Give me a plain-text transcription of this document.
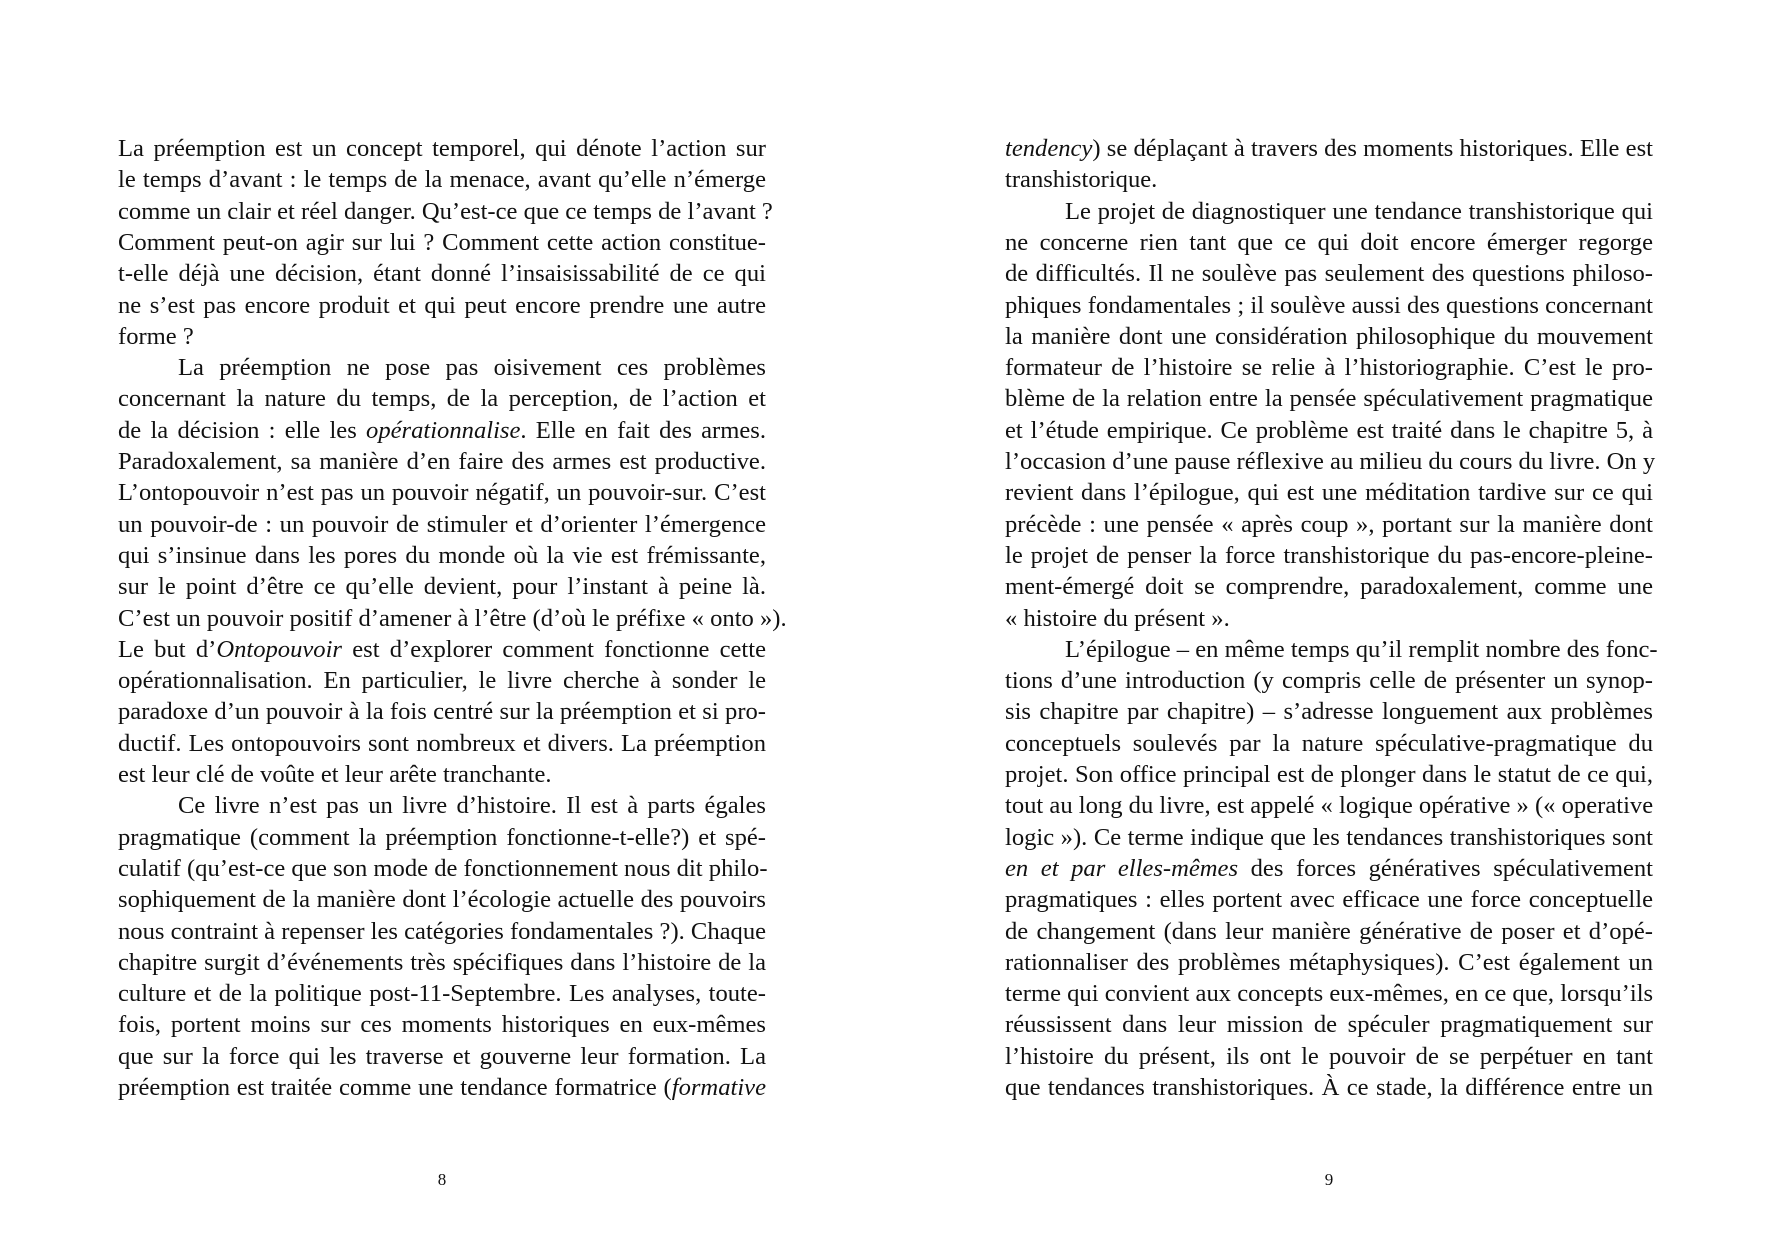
La préemption est un concept temporel, qui dénote l’action sur
le temps d’avant : le temps de la menace, avant qu’elle n’émerge
comme un clair et réel danger. Qu’est-ce que ce temps de l’avant ?
Comment peut-on agir sur lui ? Comment cette action constitue-
t-elle déjà une décision, étant donné l’insaisissabilité de ce qui
ne s’est pas encore produit et qui peut encore prendre une autre
forme ?
La préemption ne pose pas oisivement ces problèmes
concernant la nature du temps, de la perception, de l’action et
de la décision : elle les opérationnalise. Elle en fait des armes.
Paradoxalement, sa manière d’en faire des armes est productive.
L’ontopouvoir n’est pas un pouvoir négatif, un pouvoir-sur. C’est
un pouvoir-de : un pouvoir de stimuler et d’orienter l’émergence
qui s’insinue dans les pores du monde où la vie est frémissante,
sur le point d’être ce qu’elle devient, pour l’instant à peine là.
C’est un pouvoir positif d’amener à l’être (d’où le préfixe « onto »).
Le but d’Ontopouvoir est d’explorer comment fonctionne cette
opérationnalisation. En particulier, le livre cherche à sonder le
paradoxe d’un pouvoir à la fois centré sur la préemption et si pro-
ductif. Les ontopouvoirs sont nombreux et divers. La préemption
est leur clé de voûte et leur arête tranchante.
Ce livre n’est pas un livre d’histoire. Il est à parts égales
pragmatique (comment la préemption fonctionne-t-elle?) et spé-
culatif (qu’est-ce que son mode de fonctionnement nous dit philo-
sophiquement de la manière dont l’écologie actuelle des pouvoirs
nous contraint à repenser les catégories fondamentales ?). Chaque
chapitre surgit d’événements très spécifiques dans l’histoire de la
culture et de la politique post-11-Septembre. Les analyses, toute-
fois, portent moins sur ces moments historiques en eux-mêmes
que sur la force qui les traverse et gouverne leur formation. La
préemption est traitée comme une tendance formatrice (formative
8
tendency) se déplaçant à travers des moments historiques. Elle est
transhistorique.
Le projet de diagnostiquer une tendance transhistorique qui
ne concerne rien tant que ce qui doit encore émerger regorge
de difficultés. Il ne soulève pas seulement des questions philoso-
phiques fondamentales ; il soulève aussi des questions concernant
la manière dont une considération philosophique du mouvement
formateur de l’histoire se relie à l’historiographie. C’est le pro-
blème de la relation entre la pensée spéculativement pragmatique
et l’étude empirique. Ce problème est traité dans le chapitre 5, à
l’occasion d’une pause réflexive au milieu du cours du livre. On y
revient dans l’épilogue, qui est une méditation tardive sur ce qui
précède : une pensée « après coup », portant sur la manière dont
le projet de penser la force transhistorique du pas-encore-pleine-
ment-émergé doit se comprendre, paradoxalement, comme une
« histoire du présent ».
L’épilogue – en même temps qu’il remplit nombre des fonc-
tions d’une introduction (y compris celle de présenter un synop-
sis chapitre par chapitre) – s’adresse longuement aux problèmes
conceptuels soulevés par la nature spéculative-pragmatique du
projet. Son office principal est de plonger dans le statut de ce qui,
tout au long du livre, est appelé « logique opérative » (« operative
logic »). Ce terme indique que les tendances transhistoriques sont
en et par elles-mêmes des forces génératives spéculativement
pragmatiques : elles portent avec efficace une force conceptuelle
de changement (dans leur manière générative de poser et d’opé-
rationnaliser des problèmes métaphysiques). C’est également un
terme qui convient aux concepts eux-mêmes, en ce que, lorsqu’ils
réussissent dans leur mission de spéculer pragmatiquement sur
l’histoire du présent, ils ont le pouvoir de se perpétuer en tant
que tendances transhistoriques. À ce stade, la différence entre un
9
